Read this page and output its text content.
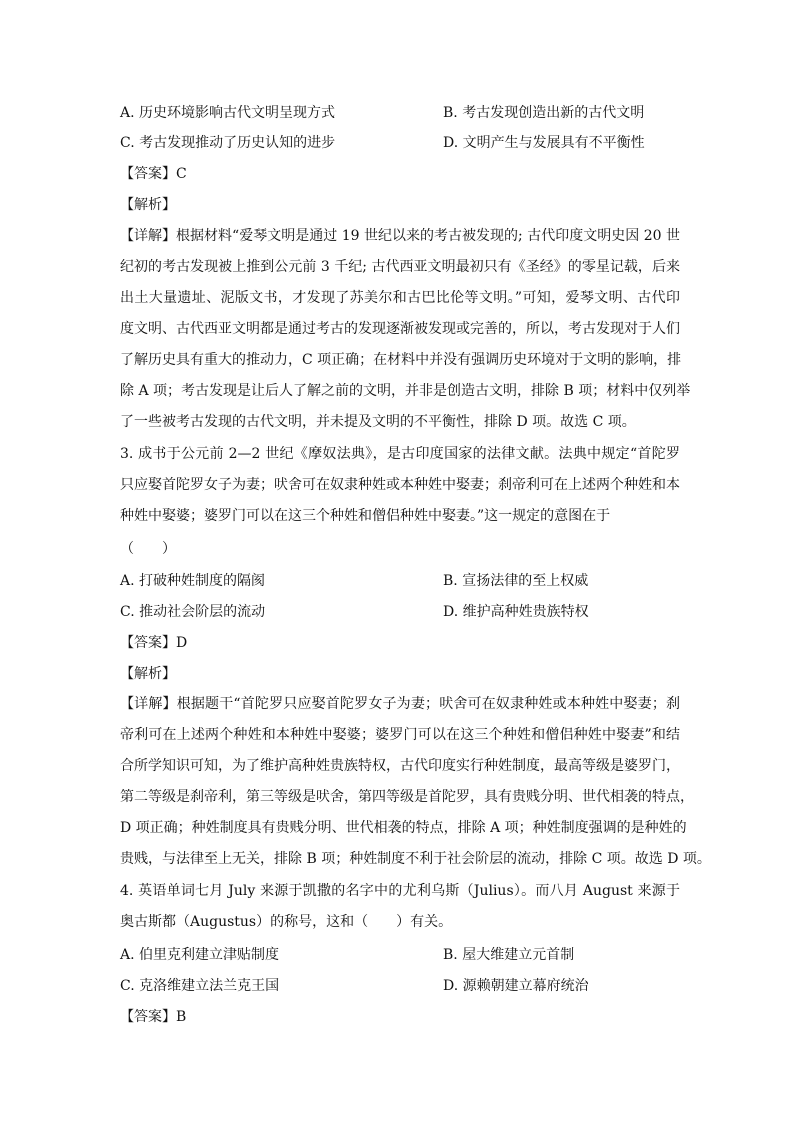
A. 历史环境影响古代文明呈现方式	B. 考古发现创造出新的古代文明
C. 考古发现推动了历史认知的进步	D. 文明产生与发展具有不平衡性
【答案】C
【解析】
【详解】根据材料“爱琴文明是通过 19 世纪以来的考古被发现的; 古代印度文明史因 20 世
纪初的考古发现被上推到公元前 3 千纪; 古代西亚文明最初只有《圣经》的零星记载，后来
出土大量遗址、泥版文书，才发现了苏美尔和古巴比伦等文明。”可知，爱琴文明、古代印
度文明、古代西亚文明都是通过考古的发现逐渐被发现或完善的，所以，考古发现对于人们
了解历史具有重大的推动力，C 项正确；在材料中并没有强调历史环境对于文明的影响，排
除 A 项；考古发现是让后人了解之前的文明，并非是创造古文明，排除 B 项；材料中仅列举
了一些被考古发现的古代文明，并未提及文明的不平衡性，排除 D 项。故选 C 项。
3. 成书于公元前 2—2 世纪《摩奴法典》，是古印度国家的法律文献。法典中规定“首陀罗
只应娶首陀罗女子为妻；吠舍可在奴隶种姓或本种姓中娶妻；刹帝利可在上述两个种姓和本
种姓中娶婆；婆罗门可以在这三个种姓和僧侣种姓中娶妻。”这一规定的意图在于
（　　）
A. 打破种姓制度的隔阂	B. 宣扬法律的至上权威
C. 推动社会阶层的流动	D. 维护高种姓贵族特权
【答案】D
【解析】
【详解】根据题干“首陀罗只应娶首陀罗女子为妻；吠舍可在奴隶种姓或本种姓中娶妻；刹
帝利可在上述两个种姓和本种姓中娶婆；婆罗门可以在这三个种姓和僧侣种姓中娶妻”和结
合所学知识可知，为了维护高种姓贵族特权，古代印度实行种姓制度，最高等级是婆罗门，
第二等级是刹帝利，第三等级是吠舍，第四等级是首陀罗，具有贵贱分明、世代相袭的特点，
D 项正确；种姓制度具有贵贱分明、世代相袭的特点，排除 A 项；种姓制度强调的是种姓的
贵贱，与法律至上无关，排除 B 项；种姓制度不利于社会阶层的流动，排除 C 项。故选 D 项。
4. 英语单词七月 July 来源于凯撒的名字中的尤利乌斯（Julius）。而八月 August 来源于
奥古斯都（Augustus）的称号，这和（　　）有关。
A. 伯里克利建立津贴制度	B. 屋大维建立元首制
C. 克洛维建立法兰克王国	D. 源赖朝建立幕府统治
【答案】B
